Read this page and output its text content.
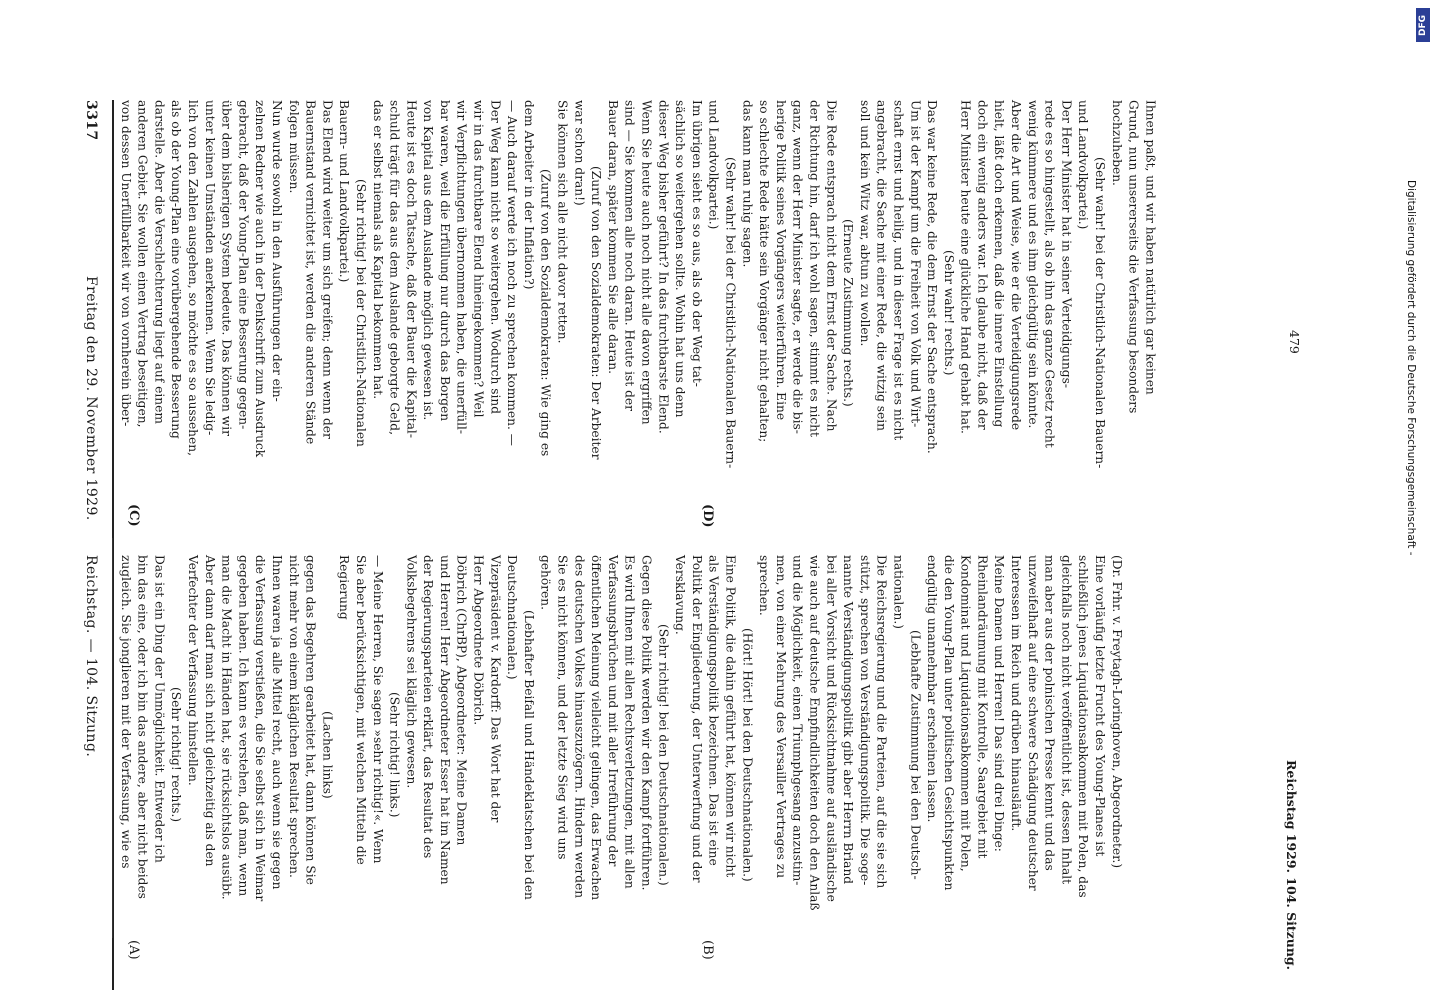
DFG
Digitalisierung gefördert durch die Deutsche Forschungsgemeinschaft -
Reichstag. — 104. Sitzung.
Freitag den 29. November 1929.
3317
(A)	(B)
(C)	(D)

(Dr. Frhr. v. Freytagh-Loringhoven, Abgeordneter.)

Eine vorläufig letzte Frucht des Young-Planes ist

schließlich jenes Liquidationsabkommen mit Polen, das

gleichfalls noch nicht veröffentlicht ist, dessen Inhalt

man aber aus der polnischen Presse kennt und das

unzweifelhaft auf eine schwere Schädigung deutscher

Interessen im Reich und drüben hinausläuft.

Meine Damen und Herren! Das sind drei Dinge:

Rheinlandräumung mit Kontrolle, Saargebiet mit

Kondominat und Liquidationsabkommen mit Polen,

die den Young-Plan unter politischen Gesichtspunkten

endgültig unannehmbar erscheinen lassen.

(Lebhafte Zustimmung bei den Deutsch-

nationalen.)

Die Reichsregierung und die Parteien, auf die sie sich

stützt, sprechen von Verständigungspolitik. Die soge-

nannte Verständigungspolitik gibt aber Herrn Briand

bei aller Vorsicht und Rücksichtnahme auf ausländische

wie auch auf deutsche Empfindlichkeiten doch den Anlaß

und die Möglichkeit, einen Triumphgesang anzustim-

men, von einer Mehrung des Versailler Vertrages zu

sprechen.

(Hört! Hört! bei den Deutschnationalen.)

Eine Politik, die dahin geführt hat, können wir nicht

als Verständigungspolitik bezeichnen. Das ist eine

Politik der Eingliederung, der Unterwerfung und der

Versklavung.

(Sehr richtig! bei den Deutschnationalen.)

Gegen diese Politik werden wir den Kampf fortführen.

Es wird Ihnen mit allen Rechtsverletzungen, mit allen

Verfassungsbrüchen und mit aller Irreführung der

öffentlichen Meinung vielleicht gelingen, das Erwachen

des deutschen Volkes hinauszuzögern. Hindern werden

Sie es nicht können, und der letzte Sieg wird uns

gehören.

(Lebhafter Beifall und Händeklatschen bei den

Deutschnationalen.)

Vizepräsident v. Kardorff: Das Wort hat der

Herr Abgeordnete Döbrich.

Döbrich (ChrBP), Abgeordneter: Meine Damen

und Herren! Herr Abgeordneter Esser hat im Namen

der Regierungsparteien erklärt, das Resultat des

Volksbegehrens sei kläglich gewesen.

(Sehr richtig! links.)

— Meine Herren, Sie sagen »sehr richtig!«. Wenn

Sie aber berücksichtigen, mit welchen Mitteln die

Regierung

(Lachen links)

gegen das Begehren gearbeitet hat, dann können Sie

nicht mehr von einem kläglichen Resultat sprechen.

Ihnen waren ja alle Mittel recht, auch wenn sie gegen

die Verfassung verstießen, die Sie selbst sich in Weimar

gegeben haben. Ich kann es verstehen, daß man, wenn

man die Macht in Händen hat, sie rücksichtslos ausübt.

Aber dann darf man sich nicht gleichzeitig als den

Verfechter der Verfassung hinstellen.

(Sehr richtig! rechts.)

Das ist ein Ding der Unmöglichkeit. Entweder ich

bin das eine, oder ich bin das andere, aber nicht beides

zugleich. Sie jonglieren mit der Verfassung, wie es

Ihnen paßt, und wir haben natürlich gar keinen

Grund, nun unsererseits die Verfassung besonders

hochzuheben.

(Sehr wahr! bei der Christlich-Nationalen Bauern-

und Landvolkpartei.)

Der Herr Minister hat in seiner Verteidigungs-

rede es so hingestellt, als ob ihn das ganze Gesetz recht

wenig kümmere und es ihm gleichgültig sein könnte.

Aber die Art und Weise, wie er die Verteidigungsrede

hielt, läßt doch erkennen, daß die innere Einstellung

doch ein wenig anders war. Ich glaube nicht, daß der

Herr Minister heute eine glückliche Hand gehabt hat.

(Sehr wahr! rechts.)

Das war keine Rede, die dem Ernst der Sache entsprach.

Um ist der Kampf um die Freiheit von Volk und Wirt-

schaft ernst und heilig, und in dieser Frage ist es nicht

angebracht, die Sache mit einer Rede, die witzig sein

soll und kein Witz war, abtun zu wollen.

(Erneute Zustimmung rechts.)

Die Rede entsprach nicht dem Ernst der Sache. Nach

der Richtung hin, darf ich wohl sagen, stimmt es nicht

ganz, wenn der Herr Minister sagte, er werde die bis-

herige Politik seines Vorgängers weiterführen. Eine

so schlechte Rede hätte sein Vorgänger nicht gehalten;

das kann man ruhig sagen.

(Sehr wahr! bei der Christlich-Nationalen Bauern-

und Landvolkpartei.)

Im übrigen sieht es so aus, als ob der Weg tat-

sächlich so weitergehen sollte. Wohin hat uns denn

dieser Weg bisher geführt? In das furchtbarste Elend.

Wenn Sie heute auch noch nicht alle davon ergriffen

sind — Sie kommen alle noch daran. Heute ist der

Bauer daran, später kommen Sie alle daran.

(Zuruf von den Sozialdemokraten: Der Arbeiter

war schon dran!)

Sie können sich alle nicht davor retten.

(Zuruf von den Sozialdemokraten: Wie ging es

dem Arbeiter in der Inflation?)

— Auch darauf werde ich noch zu sprechen kommen. —

Der Weg kann nicht so weitergehen. Wodurch sind

wir in das furchtbare Elend hineingekommen? Weil

wir Verpflichtungen übernommen haben, die unerfüll-

bar waren, weil die Erfüllung nur durch das Borgen

von Kapital aus dem Auslande möglich gewesen ist.

Heute ist es doch Tatsache, daß der Bauer die Kapital-

schuld trägt für das aus dem Auslande geborgte Geld,

das er selbst niemals als Kapital bekommen hat.

(Sehr richtig! bei der Christlich-Nationalen

Bauern- und Landvolkpartei.)

Das Elend wird weiter um sich greifen; denn wenn der

Bauernstand vernichtet ist, werden die anderen Stände

folgen müssen.

Nun wurde sowohl in den Ausführungen der ein-

zelnen Redner wie auch in der Denkschrift zum Ausdruck

gebracht, daß der Young-Plan eine Besserung gegen-

über dem bisherigen System bedeute. Das können wir

unter keinen Umständen anerkennen. Wenn Sie ledig-

lich von den Zahlen ausgehen, so möchte es so aussehen,

als ob der Young-Plan eine vorübergehende Besserung

darstelle. Aber die Verschlechterung liegt auf einem

anderen Gebiet. Sie wollen einen Vertrag beseitigen,

von dessen Unerfüllbarkeit wir von vornherein über-

Reichstag 1929. 104. Sitzung.
479
